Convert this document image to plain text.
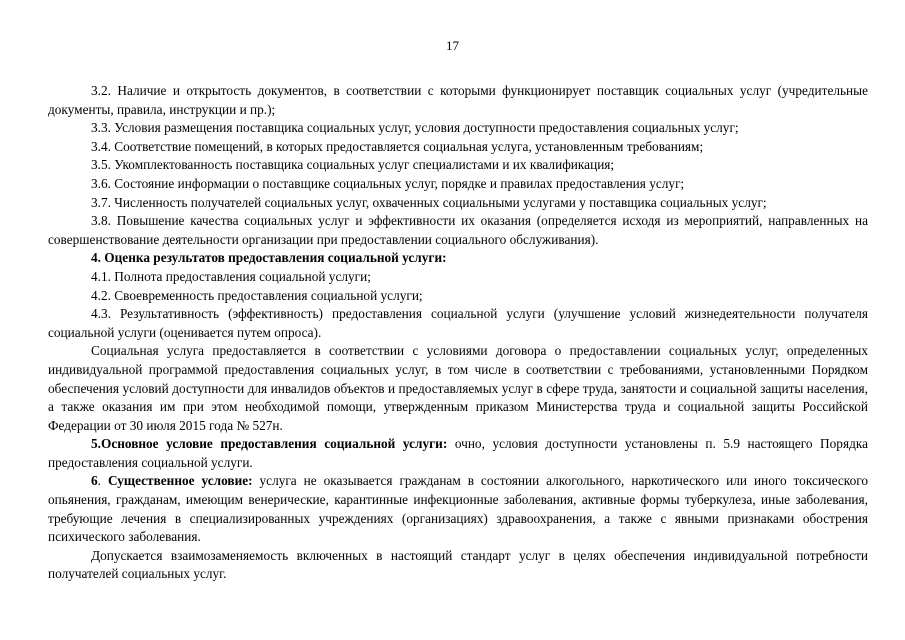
17

3.2. Наличие и открытость документов, в соответствии с которыми функционирует поставщик социальных услуг (учредительные документы, правила, инструкции и пр.);

3.3. Условия размещения поставщика социальных услуг, условия доступности предоставления социальных услуг;

3.4. Соответствие помещений, в которых предоставляется социальная услуга, установленным требованиям;

3.5. Укомплектованность поставщика социальных услуг специалистами и их квалификация;

3.6. Состояние информации о поставщике социальных услуг, порядке и правилах предоставления услуг;

3.7. Численность получателей социальных услуг, охваченных социальными услугами у поставщика социальных услуг;

3.8. Повышение качества социальных услуг и эффективности их оказания (определяется исходя из мероприятий, направленных на совершенствование деятельности организации при предоставлении социального обслуживания).

4. Оценка результатов предоставления социальной услуги:

4.1. Полнота предоставления социальной услуги;

4.2. Своевременность предоставления социальной услуги;

4.3. Результативность (эффективность) предоставления социальной услуги (улучшение условий жизнедеятельности получателя социальной услуги (оценивается путем опроса).

Социальная услуга предоставляется в соответствии с условиями договора о предоставлении социальных услуг, определенных индивидуальной программой предоставления социальных услуг, в том числе в соответствии с требованиями, установленными Порядком обеспечения условий доступности для инвалидов объектов и предоставляемых услуг в сфере труда, занятости и социальной защиты населения, а также оказания им при этом необходимой помощи, утвержденным приказом Министерства труда и социальной защиты Российской Федерации от 30 июля 2015 года № 527н.

5.Основное условие предоставления социальной услуги: очно, условия доступности установлены п. 5.9 настоящего Порядка предоставления социальной услуги.

6. Существенное условие: услуга не оказывается гражданам в состоянии алкогольного, наркотического или иного токсического опьянения, гражданам, имеющим венерические, карантинные инфекционные заболевания, активные формы туберкулеза, иные заболевания, требующие лечения в специализированных учреждениях (организациях) здравоохранения, а также с явными признаками обострения психического заболевания.

Допускается взаимозаменяемость включенных в настоящий стандарт услуг в целях обеспечения индивидуальной потребности получателей социальных услуг.
